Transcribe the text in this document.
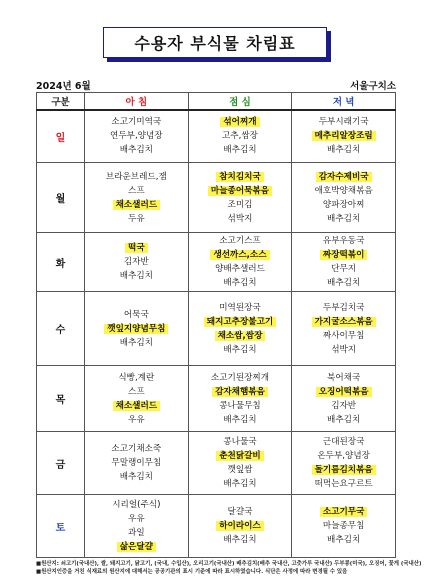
수용자 부식물 차림표
2024년 6월	서울구치소
구분	아 침	점 심	저 녁
일	소고기미역국
연두부,양념장
배추김치	섞어찌개
고추,쌈장
배추김치	두부시래기국
메추리알장조림
배추김치

월	브라운브레드,잼
스프
채소샐러드
두유	참치김치국
마늘종어묵볶음
조미김
섞박지	감자수제비국
애호박양채볶음
양파장아찌
배추김치

화	떡국
김자반
배추김치	소고기스프
생선까스,소스
양배추샐러드
배추김치	유부우동국
짜장떡볶이
단무지
배추김치

수	어묵국
깻잎지양념무침
배추김치	미역된장국
돼지고추장불고기
채소쌈,쌈장
배추김치	두부김치국
가지굴소스볶음
짜사이무침
섞박지

목	식빵,계란
스프
채소샐러드
우유	소고기된장찌개
감자채햄볶음
콩나물무침
배추김치	북어채국
오징어떡볶음
김자반
배추김치

금	소고기채소죽
무말랭이무침
배추김치	콩나물국
춘천닭갈비
깻잎쌈
배추김치	근대된장국
온두부,양념장
돌기름김치볶음
떠먹는요구르트

토	시리얼(주식)
우유
과일
삶은달걀	달걀국
하이라이스
배추김치	소고기무국
마늘종무침
배추김치
■원산지: 쇠고기(국내산), 쌀, 돼지고기, 닭고기, (국내, 수입산), 오리고기(국내산) 배추김치(배추 국내산, 고춧가루 국내산) 두부콩(미국), 오징어, 꽃게 (국내산)
■원산지인증을 거친 식재료의 원산지에 대해서는 공공기관의 표시 기준에 따라 표시하였습니다. 식단은 사정에 따라 변경될 수 있음
